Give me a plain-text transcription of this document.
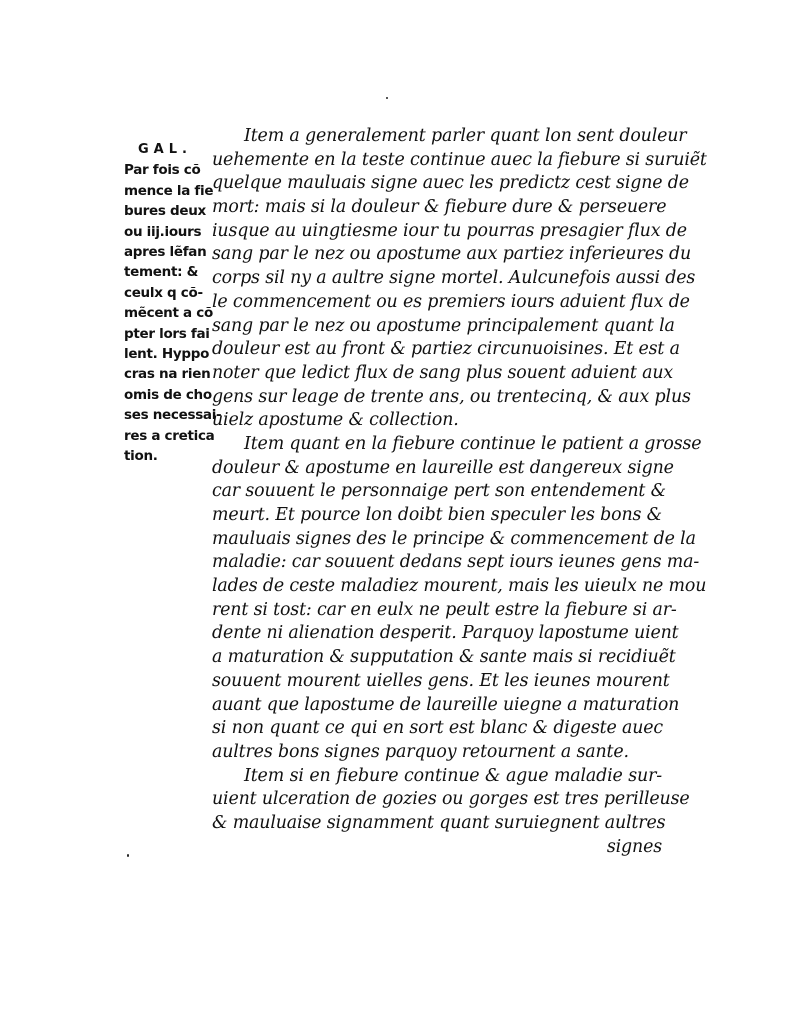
GAL.
Par fois cõ
mence la fie
bures deux
ou iij.iours
apres lẽfan
tement: &
ceulx q cõ-
mẽcent a cõ
pter lors fai
lent. Hyppo
cras na rien
omis de cho
ses necessai-
res a cretica
tion.
Item a generalement parler quant lon sent douleur
uehemente en la teste continue auec la fiebure si suruiẽt
quelque mauluais signe auec les predictz cest signe de
mort: mais si la douleur & fiebure dure & perseuere
iusque au uingtiesme iour tu pourras presagier flux de
sang par le nez ou apostume aux partiez inferieures du
corps sil ny a aultre signe mortel. Aulcunefois aussi des
le commencement ou es premiers iours aduient flux de
sang par le nez ou apostume principalement quant la
douleur est au front & partiez circunuoisines. Et est a
noter que ledict flux de sang plus souent aduient aux
gens sur leage de trente ans, ou trentecinq, & aux plus
uielz apostume & collection.
Item quant en la fiebure continue le patient a grosse
douleur & apostume en laureille est dangereux signe
car souuent le personnaige pert son entendement &
meurt. Et pource lon doibt bien speculer les bons &
mauluais signes des le principe & commencement de la
maladie: car souuent dedans sept iours ieunes gens ma-
lades de ceste maladiez mourent, mais les uieulx ne mou
rent si tost: car en eulx ne peult estre la fiebure si ar-
dente ni alienation desperit. Parquoy lapostume uient
a maturation & supputation & sante mais si recidiuẽt
souuent mourent uielles gens. Et les ieunes mourent
auant que lapostume de laureille uiegne a maturation
si non quant ce qui en sort est blanc & digeste auec
aultres bons signes parquoy retournent a sante.
Item si en fiebure continue & ague maladie sur-
uient ulceration de gozies ou gorges est tres perilleuse
& mauluaise signamment quant suruiegnent aultres
signes
